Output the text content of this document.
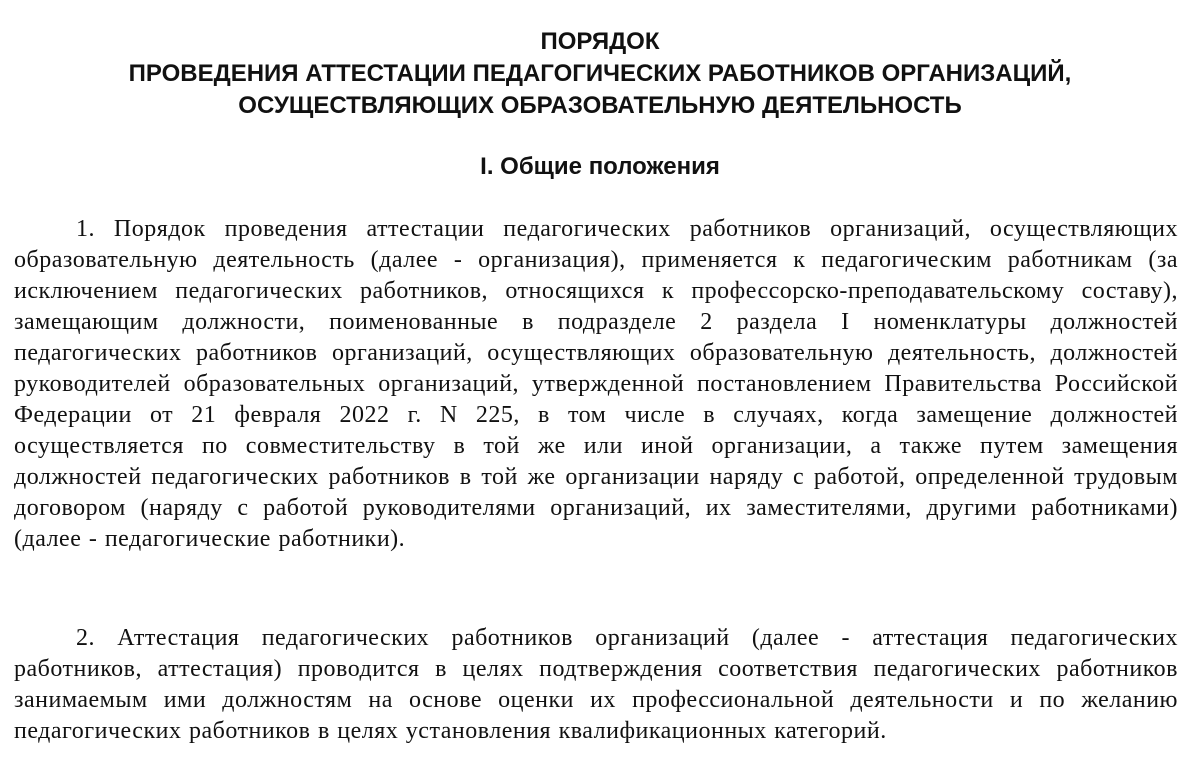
ПОРЯДОК

ПРОВЕДЕНИЯ АТТЕСТАЦИИ ПЕДАГОГИЧЕСКИХ РАБОТНИКОВ ОРГАНИЗАЦИЙ,

ОСУЩЕСТВЛЯЮЩИХ ОБРАЗОВАТЕЛЬНУЮ ДЕЯТЕЛЬНОСТЬ

I. Общие положения

1. Порядок проведения аттестации педагогических работников организаций, осуществляющих образовательную деятельность (далее - организация), применяется к педагогическим работникам (за исключением педагогических работников, относящихся к профессорско-преподавательскому составу), замещающим должности, поименованные в подразделе 2 раздела I номенклатуры должностей педагогических работников организаций, осуществляющих образовательную деятельность, должностей руководителей образовательных организаций, утвержденной постановлением Правительства Российской Федерации от 21 февраля 2022 г. N 225, в том числе в случаях, когда замещение должностей осуществляется по совместительству в той же или иной организации, а также путем замещения должностей педагогических работников в той же организации наряду с работой, определенной трудовым договором (наряду с работой руководителями организаций, их заместителями, другими работниками) (далее - педагогические работники).

2. Аттестация педагогических работников организаций (далее - аттестация педагогических работников, аттестация) проводится в целях подтверждения соответствия педагогических работников занимаемым ими должностям на основе оценки их профессиональной деятельности и по желанию педагогических работников в целях установления квалификационных категорий.
